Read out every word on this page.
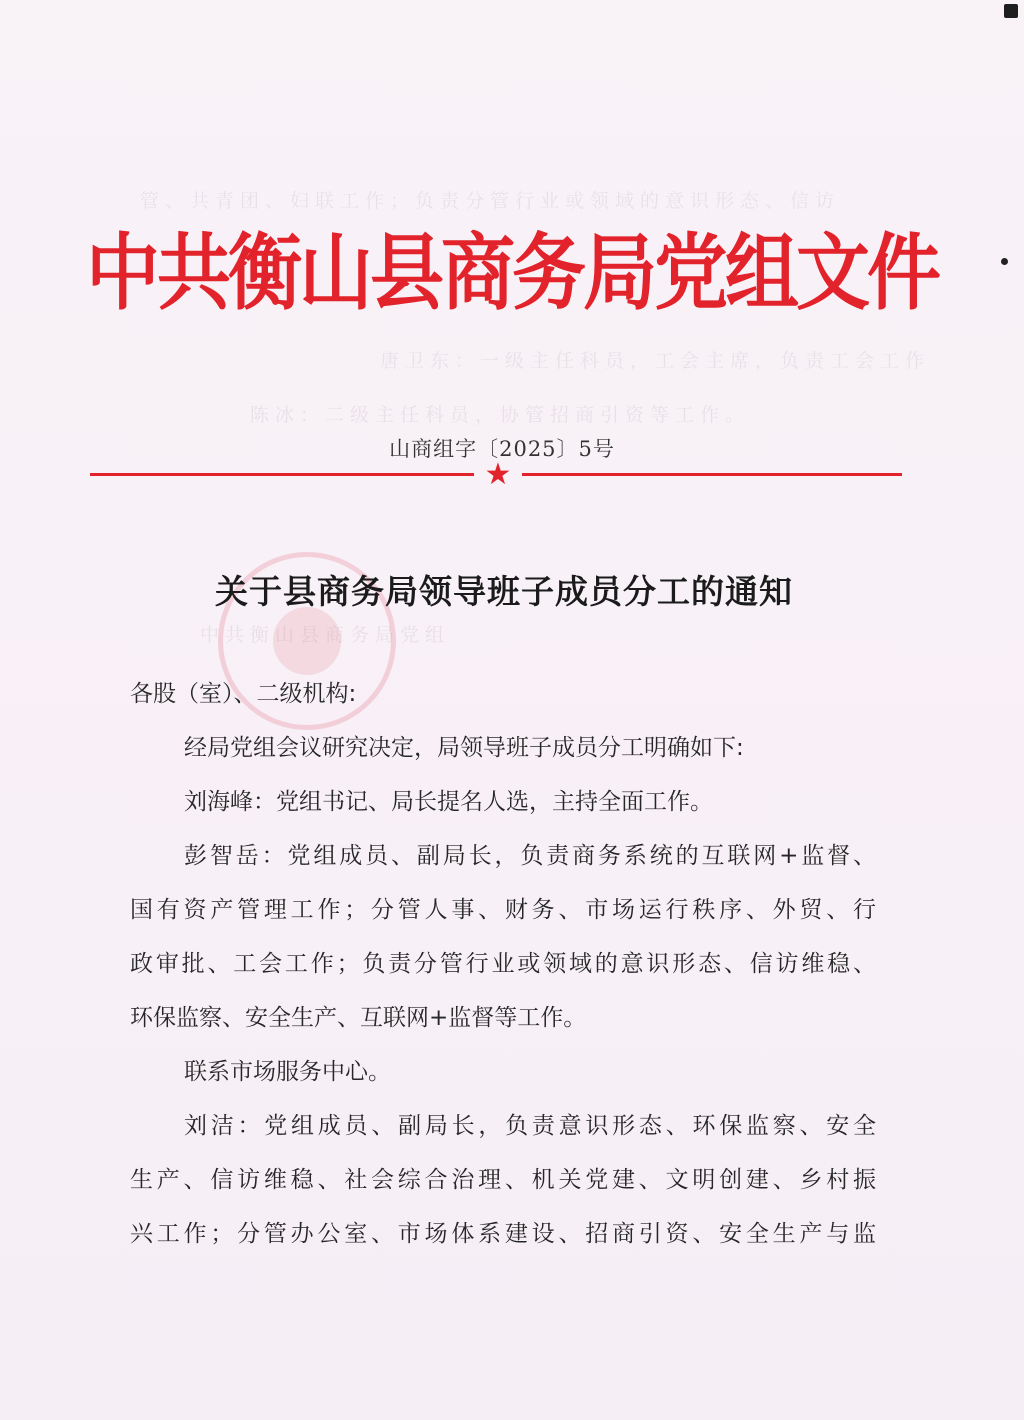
管、共青团、妇联工作；负责分管行业或领域的意识形态、信访
唐卫东：一级主任科员，工会主席，负责工会工作
陈冰：二级主任科员，协管招商引资等工作。
中共衡山县商务局党组
中共衡山县商务局党组文件
山商组字〔2025〕5号
★
关于县商务局领导班子成员分工的通知
各股（室）、二级机构:
经局党组会议研究决定，局领导班子成员分工明确如下:
刘海峰：党组书记、局长提名人选，主持全面工作。
彭智岳：党组成员、副局长，负责商务系统的互联网+监督、
国有资产管理工作；分管人事、财务、市场运行秩序、外贸、行
政审批、工会工作；负责分管行业或领域的意识形态、信访维稳、
环保监察、安全生产、互联网+监督等工作。
联系市场服务中心。
刘洁：党组成员、副局长，负责意识形态、环保监察、安全
生产、信访维稳、社会综合治理、机关党建、文明创建、乡村振
兴工作；分管办公室、市场体系建设、招商引资、安全生产与监
